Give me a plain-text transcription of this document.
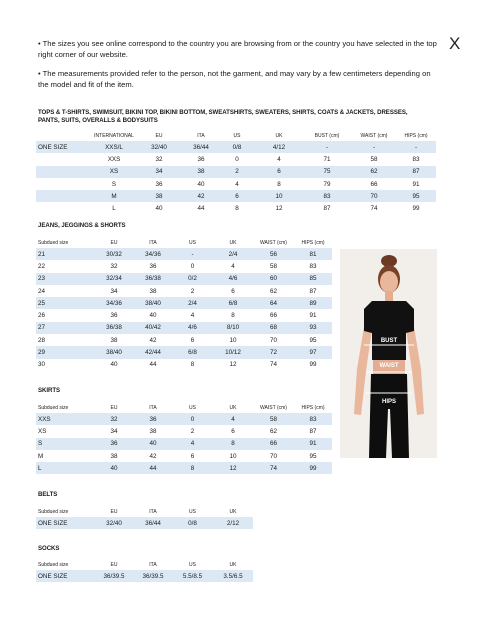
X

• The sizes you see online correspond to the country you are browsing from or the country you have selected in the top right corner of our website.

• The measurements provided refer to the person, not the garment, and may vary by a few centimeters depending on the model and fit of the item.

TOPS & T-SHIRTS, SWIMSUIT, BIKINI TOP, BIKINI BOTTOM, SWEATSHIRTS, SWEATERS, SHIRTS, COATS & JACKETS, DRESSES, PANTS, SUITS, OVERALLS & BODYSUITS
	INTERNATIONAL	EU	ITA	US	UK	BUST (cm)	WAIST (cm)	HIPS (cm)
ONE SIZE	XXS/L	32/40	36/44	0/8	4/12	-	-	-
	XXS	32	36	0	4	71	58	83
	XS	34	38	2	6	75	62	87
	S	36	40	4	8	79	66	91
	M	38	42	6	10	83	70	95
	L	40	44	8	12	87	74	99
JEANS, JEGGINGS & SHORTS
Subdued size	EU	ITA	US	UK	WAIST (cm)	HIPS (cm)
21	30/32	34/36	-	2/4	56	81
22	32	36	0	4	58	83
23	32/34	36/38	0/2	4/6	60	85
24	34	38	2	6	62	87
25	34/36	38/40	2/4	6/8	64	89
26	36	40	4	8	66	91
27	36/38	40/42	4/6	8/10	68	93
28	38	42	6	10	70	95
29	38/40	42/44	6/8	10/12	72	97
30	40	44	8	12	74	99
SKIRTS
Subdued size	EU	ITA	US	UK	WAIST (cm)	HIPS (cm)
XXS	32	36	0	4	58	83
XS	34	38	2	6	62	87
S	36	40	4	8	66	91
M	38	42	6	10	70	95
L	40	44	8	12	74	99
BELTS
Subdued size	EU	ITA	US	UK
ONE SIZE	32/40	36/44	0/8	2/12
SOCKS
Subdued size	EU	ITA	US	UK
ONE SIZE	36/39.5	36/39.5	5.5/8.5	3.5/6.5
BUST
WAIST
HIPS
